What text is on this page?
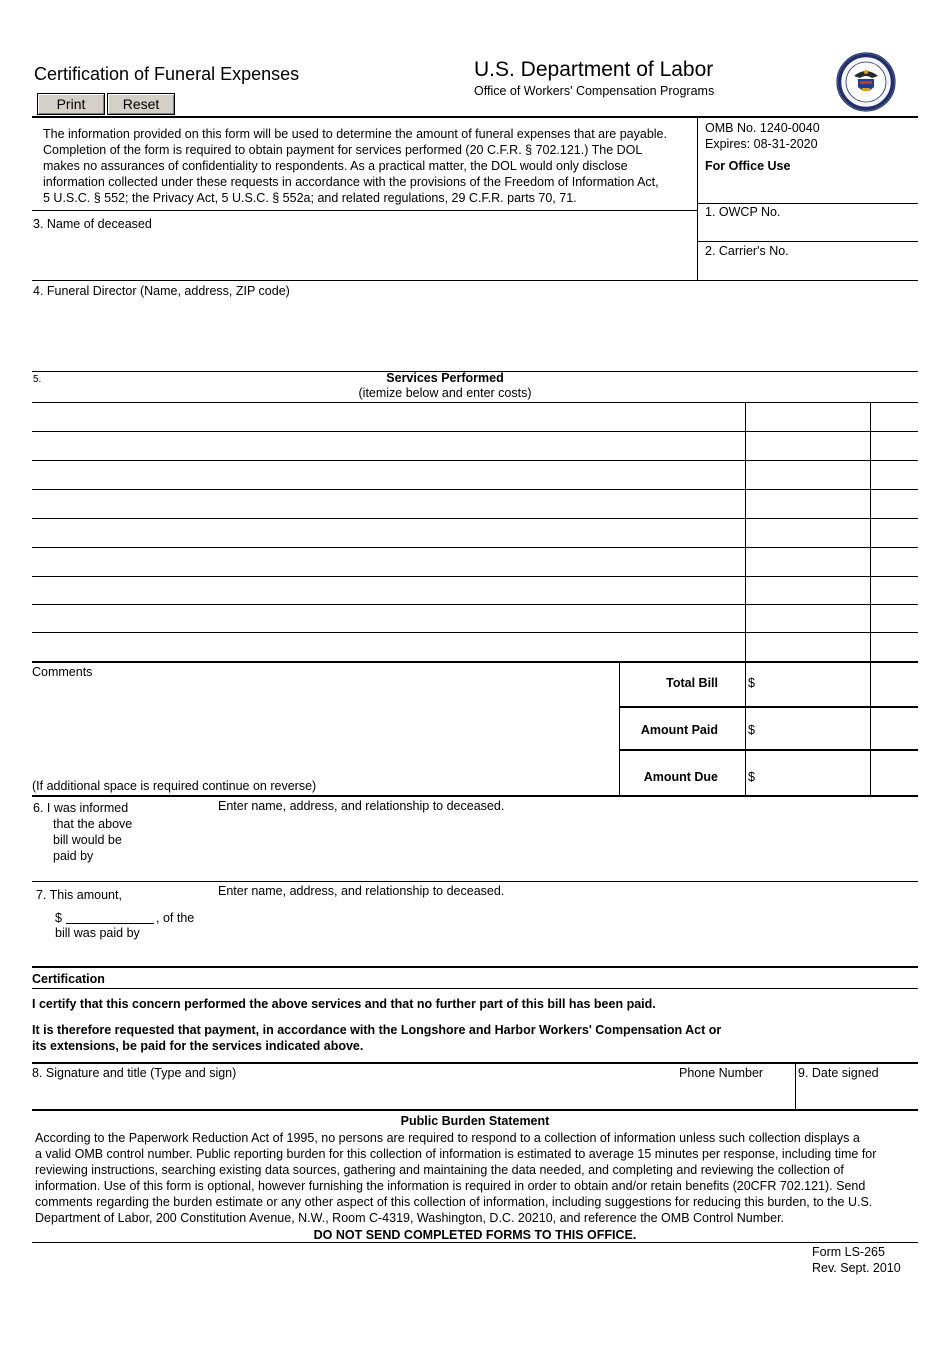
Certification of Funeral Expenses
Print	Reset
U.S. Department of Labor
Office of Workers' Compensation Programs
The information provided on this form will be used to determine the amount of funeral expenses that are payable.
Completion of the form is required to obtain payment for services performed (20 C.F.R. § 702.121.) The DOL
makes no assurances of confidentiality to respondents. As a practical matter, the DOL would only disclose
information collected under these requests in accordance with the provisions of the Freedom of Information Act,
5 U.S.C. § 552; the Privacy Act, 5 U.S.C. § 552a; and related regulations, 29 C.F.R. parts 70, 71.
OMB No. 1240-0040
Expires: 08-31-2020
For Office Use
1. OWCP No.
2. Carrier's No.
3. Name of deceased
4. Funeral Director (Name, address, ZIP code)
5.	Services Performed
(itemize below and enter costs)
Comments
(If additional space is required continue on reverse)
Total Bill	$
Amount Paid	$
Amount Due	$
6. I was informed
that the above
bill would be
paid by
Enter name, address, and relationship to deceased.
7. This amount,	Enter name, address, and relationship to deceased.
$	, of the
bill was paid by
Certification
I certify that this concern performed the above services and that no further part of this bill has been paid.
It is therefore requested that payment, in accordance with the Longshore and Harbor Workers' Compensation Act or
its extensions, be paid for the services indicated above.
8. Signature and title (Type and sign)	Phone Number	9. Date signed
Public Burden Statement
According to the Paperwork Reduction Act of 1995, no persons are required to respond to a collection of information unless such collection displays a
a valid OMB control number. Public reporting burden for this collection of information is estimated to average 15 minutes per response, including time for
reviewing instructions, searching existing data sources, gathering and maintaining the data needed, and completing and reviewing the collection of
information. Use of this form is optional, however furnishing the information is required in order to obtain and/or retain benefits (20CFR 702.121). Send
comments regarding the burden estimate or any other aspect of this collection of information, including suggestions for reducing this burden, to the U.S.
Department of Labor, 200 Constitution Avenue, N.W., Room C-4319, Washington, D.C. 20210, and reference the OMB Control Number.
DO NOT SEND COMPLETED FORMS TO THIS OFFICE.
Form LS-265
Rev. Sept. 2010
